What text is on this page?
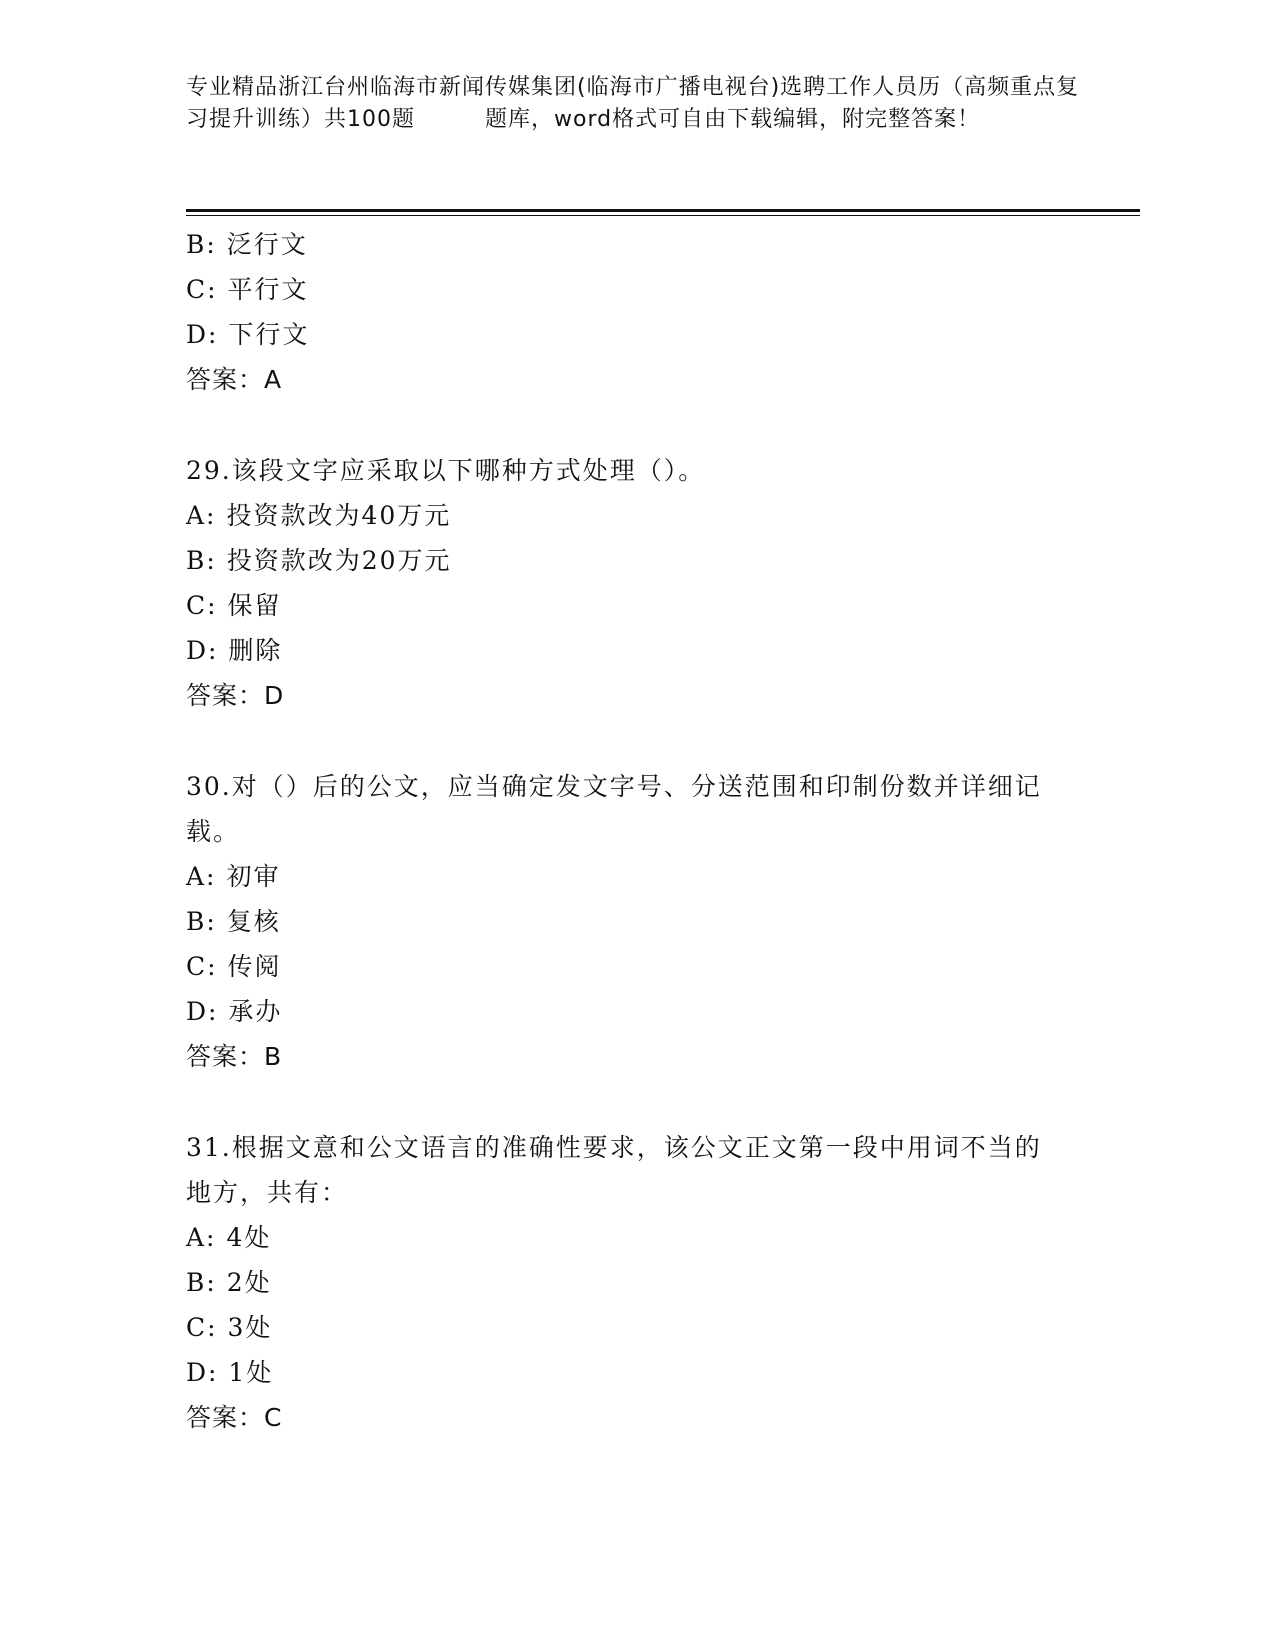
专业精品浙江台州临海市新闻传媒集团(临海市广播电视台)选聘工作人员历（高频重点复习提升训练）共100题	题库，word格式可自由下载编辑，附完整答案！
B: 泛行文
C: 平行文
D: 下行文
答案：A
29.该段文字应采取以下哪种方式处理（）。
A: 投资款改为40万元
B: 投资款改为20万元
C: 保留
D: 删除
答案：D
30.对（）后的公文，应当确定发文字号、分送范围和印制份数并详细记载。
A: 初审
B: 复核
C: 传阅
D: 承办
答案：B
31.根据文意和公文语言的准确性要求，该公文正文第一段中用词不当的地方，共有：
A: 4处
B: 2处
C: 3处
D: 1处
答案：C
